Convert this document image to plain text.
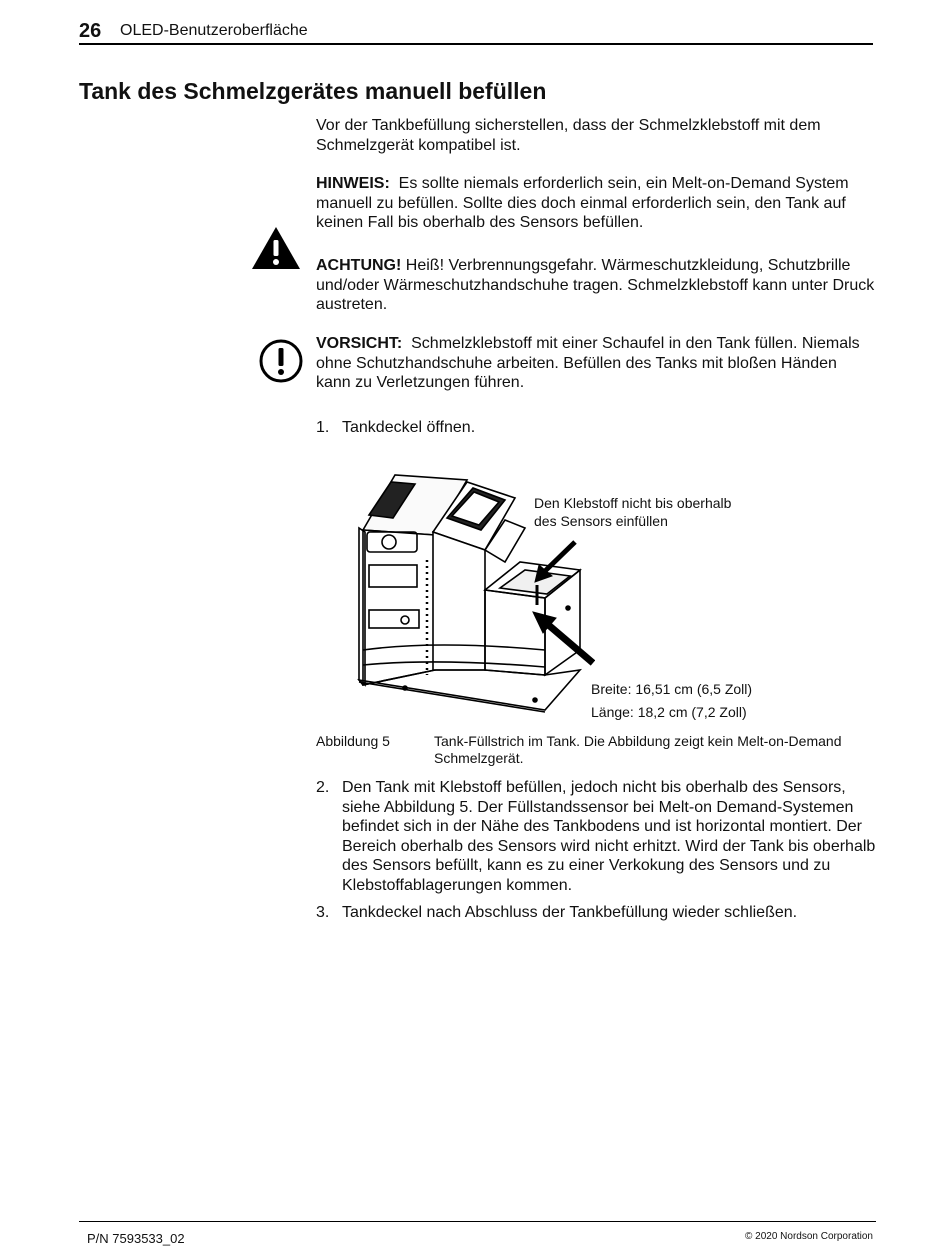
26 OLED-Benutzeroberfläche
Tank des Schmelzgerätes manuell befüllen
Vor der Tankbefüllung sicherstellen, dass der Schmelzklebstoff mit dem Schmelzgerät kompatibel ist.
HINWEIS: Es sollte niemals erforderlich sein, ein Melt-on-Demand System manuell zu befüllen. Sollte dies doch einmal erforderlich sein, den Tank auf keinen Fall bis oberhalb des Sensors befüllen.
ACHTUNG! Heiß! Verbrennungsgefahr. Wärmeschutzkleidung, Schutzbrille und/oder Wärmeschutzhandschuhe tragen. Schmelzklebstoff kann unter Druck austreten.
VORSICHT: Schmelzklebstoff mit einer Schaufel in den Tank füllen. Niemals ohne Schutzhandschuhe arbeiten. Befüllen des Tanks mit bloßen Händen kann zu Verletzungen führen.
1. Tankdeckel öffnen.
Den Klebstoff nicht bis oberhalb
des Sensors einfüllen
Breite: 16,51 cm (6,5 Zoll)
Länge: 18,2 cm (7,2 Zoll)
Abbildung 5	Tank-Füllstrich im Tank. Die Abbildung zeigt kein Melt-on-Demand Schmelzgerät.
2. Den Tank mit Klebstoff befüllen, jedoch nicht bis oberhalb des Sensors, siehe Abbildung 5. Der Füllstandssensor bei Melt-on Demand-Systemen befindet sich in der Nähe des Tankbodens und ist horizontal montiert. Der Bereich oberhalb des Sensors wird nicht erhitzt. Wird der Tank bis oberhalb des Sensors befüllt, kann es zu einer Verkokung des Sensors und zu Klebstoffablagerungen kommen.
3. Tankdeckel nach Abschluss der Tankbefüllung wieder schließen.
P/N 7593533_02	© 2020 Nordson Corporation
